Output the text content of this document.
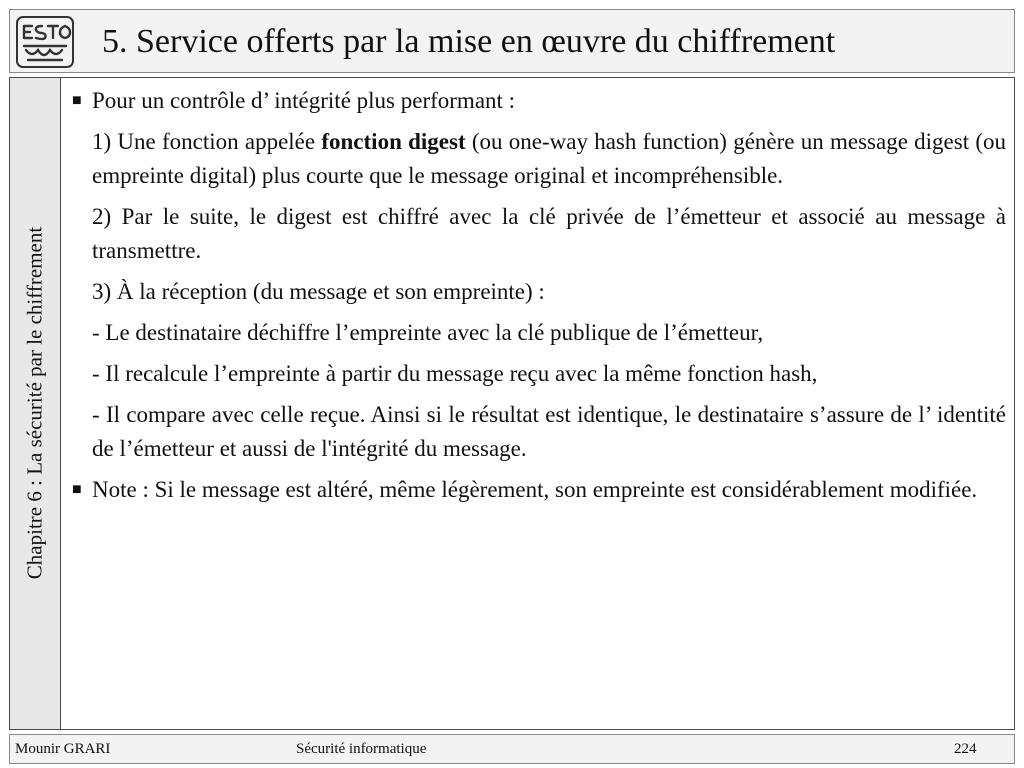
5. Service offerts par la mise en œuvre du chiffrement
Chapitre 6 : La sécurité par le chiffrement

■ Pour un contrôle d’ intégrité plus performant :

1) Une fonction appelée fonction digest (ou one-way hash function) génère un message digest (ou empreinte digital) plus courte que le message original et incompréhensible.

2) Par le suite, le digest est chiffré avec la clé privée de l’émetteur et associé au message à transmettre.

3) À la réception (du message et son empreinte) :

- Le destinataire déchiffre l’empreinte avec la clé publique de l’émetteur,

- Il recalcule l’empreinte à partir du message reçu avec la même fonction hash,

- Il compare avec celle reçue. Ainsi si le résultat est identique, le destinataire s’assure de l’ identité de l’émetteur et aussi de l'intégrité du message.

■ Note : Si le message est altéré, même légèrement, son empreinte est considérablement modifiée.

Mounir GRARI	Sécurité informatique	224
